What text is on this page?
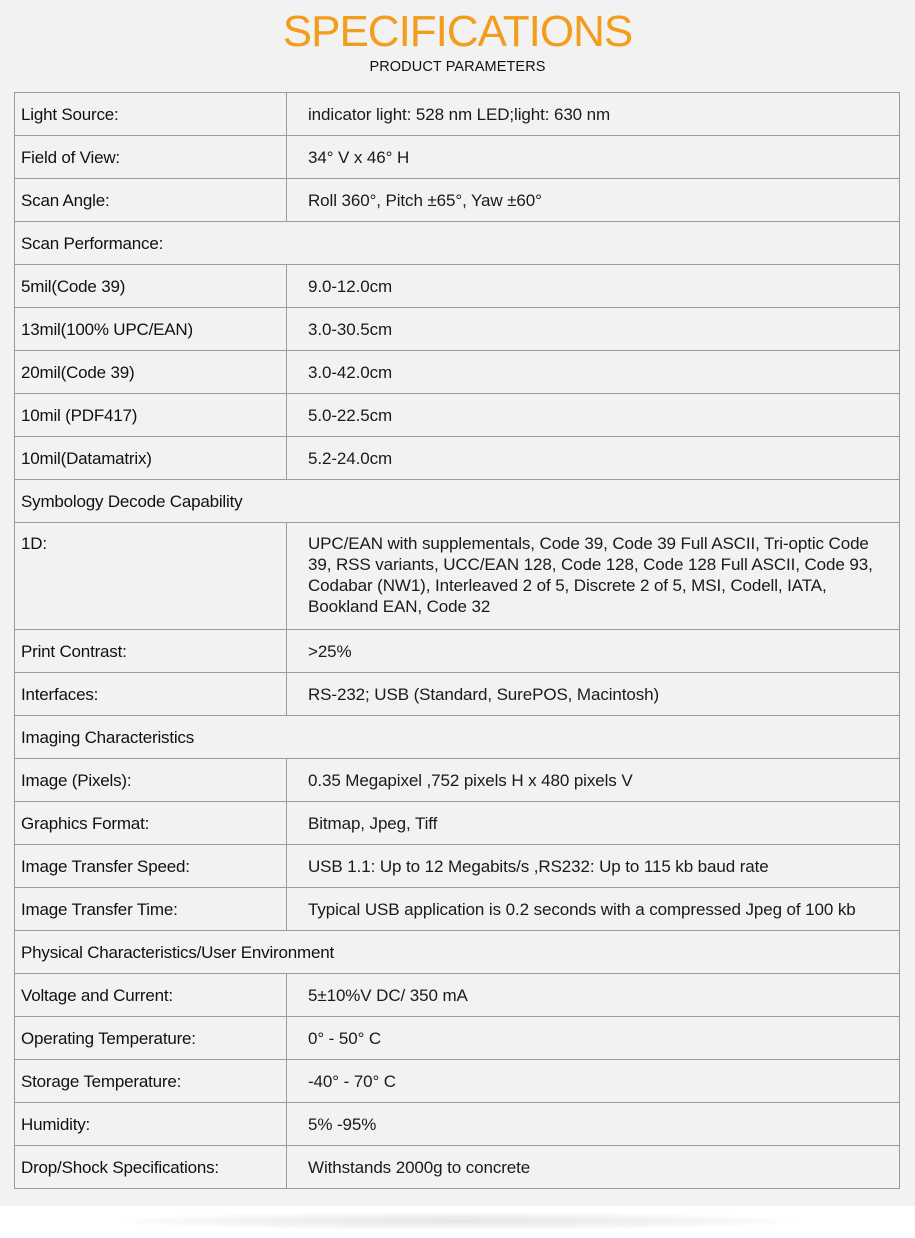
SPECIFICATIONS
PRODUCT PARAMETERS
Light Source:	indicator light: 528 nm LED;light: 630 nm
Field of View:	34° V x 46° H
Scan Angle:	Roll 360°, Pitch ±65°, Yaw ±60°
Scan Performance:	
5mil(Code 39)	9.0-12.0cm
13mil(100% UPC/EAN)	3.0-30.5cm
20mil(Code 39)	3.0-42.0cm
10mil (PDF417)	5.0-22.5cm
10mil(Datamatrix)	5.2-24.0cm
Symbology Decode Capability	
1D:	UPC/EAN with supplementals, Code 39, Code 39 Full ASCII, Tri-optic Code 39, RSS variants, UCC/EAN 128, Code 128, Code 128 Full ASCII, Code 93, Codabar (NW1), Interleaved 2 of 5, Discrete 2 of 5, MSI, Codell, IATA, Bookland EAN, Code 32
Print Contrast:	>25%
Interfaces:	RS-232; USB (Standard, SurePOS, Macintosh)
Imaging Characteristics	
Image (Pixels):	0.35 Megapixel ,752 pixels H x 480 pixels V
Graphics Format:	Bitmap, Jpeg, Tiff
Image Transfer Speed:	USB 1.1: Up to 12 Megabits/s ,RS232: Up to 115 kb baud rate
Image Transfer Time:	Typical USB application is 0.2 seconds with a compressed Jpeg of 100 kb
Physical Characteristics/User Environment	
Voltage and Current:	5±10%V DC/ 350 mA
Operating Temperature:	0° - 50° C
Storage Temperature:	-40° - 70° C
Humidity:	5% -95%
Drop/Shock Specifications:	Withstands 2000g to concrete
